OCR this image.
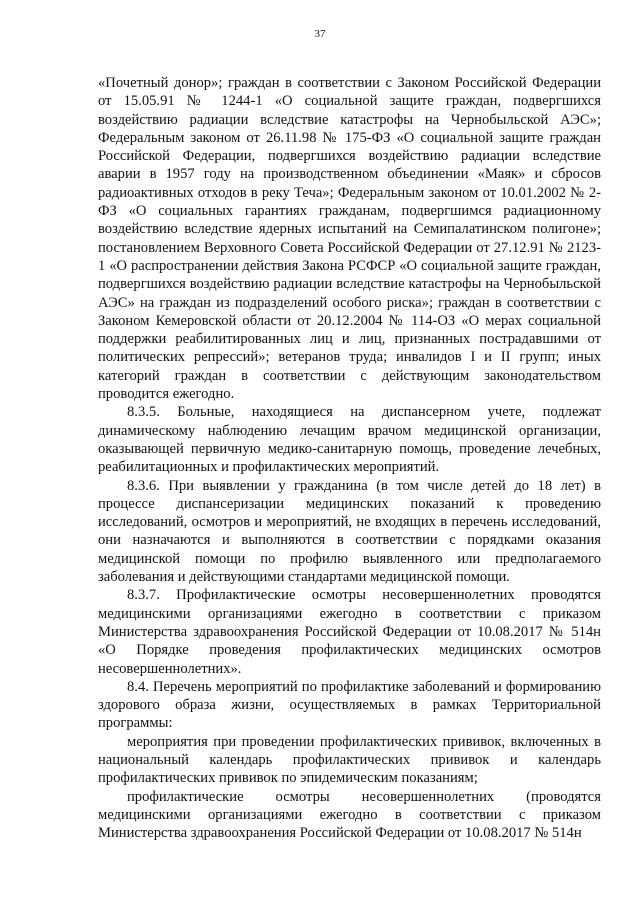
37

«Почетный донор»; граждан в соответствии с Законом Российской Федерации от 15.05.91 № 1244-1 «О социальной защите граждан, подвергшихся воздействию радиации вследствие катастрофы на Чернобыльской АЭС»; Федеральным законом от 26.11.98 № 175-ФЗ «О социальной защите граждан Российской Федерации, подвергшихся воздействию радиации вследствие аварии в 1957 году на производственном объединении «Маяк» и сбросов радиоактивных отходов в реку Теча»; Федеральным законом от 10.01.2002 № 2-ФЗ «О социальных гарантиях гражданам, подвергшимся радиационному воздействию вследствие ядерных испытаний на Семипалатинском полигоне»; постановлением Верховного Совета Российской Федерации от 27.12.91 № 2123-1 «О распространении действия Закона РСФСР «О социальной защите граждан, подвергшихся воздействию радиации вследствие катастрофы на Чернобыльской АЭС» на граждан из подразделений особого риска»; граждан в соответствии с Законом Кемеровской области от 20.12.2004 № 114-ОЗ «О мерах социальной поддержки реабилитированных лиц и лиц, признанных пострадавшими от политических репрессий»; ветеранов труда; инвалидов I и II групп; иных категорий граждан в соответствии с действующим законодательством проводится ежегодно.

8.3.5. Больные, находящиеся на диспансерном учете, подлежат динамическому наблюдению лечащим врачом медицинской организации, оказывающей первичную медико-санитарную помощь, проведение лечебных, реабилитационных и профилактических мероприятий.

8.3.6. При выявлении у гражданина (в том числе детей до 18 лет) в процессе диспансеризации медицинских показаний к проведению исследований, осмотров и мероприятий, не входящих в перечень исследований, они назначаются и выполняются в соответствии с порядками оказания медицинской помощи по профилю выявленного или предполагаемого заболевания и действующими стандартами медицинской помощи.

8.3.7. Профилактические осмотры несовершеннолетних проводятся медицинскими организациями ежегодно в соответствии с приказом Министерства здравоохранения Российской Федерации от 10.08.2017 № 514н «О Порядке проведения профилактических медицинских осмотров несовершеннолетних».

8.4. Перечень мероприятий по профилактике заболеваний и формированию здорового образа жизни, осуществляемых в рамках Территориальной программы:

мероприятия при проведении профилактических прививок, включенных в национальный календарь профилактических прививок и календарь профилактических прививок по эпидемическим показаниям;

профилактические осмотры несовершеннолетних (проводятся медицинскими организациями ежегодно в соответствии с приказом Министерства здравоохранения Российской Федерации от 10.08.2017 № 514н
